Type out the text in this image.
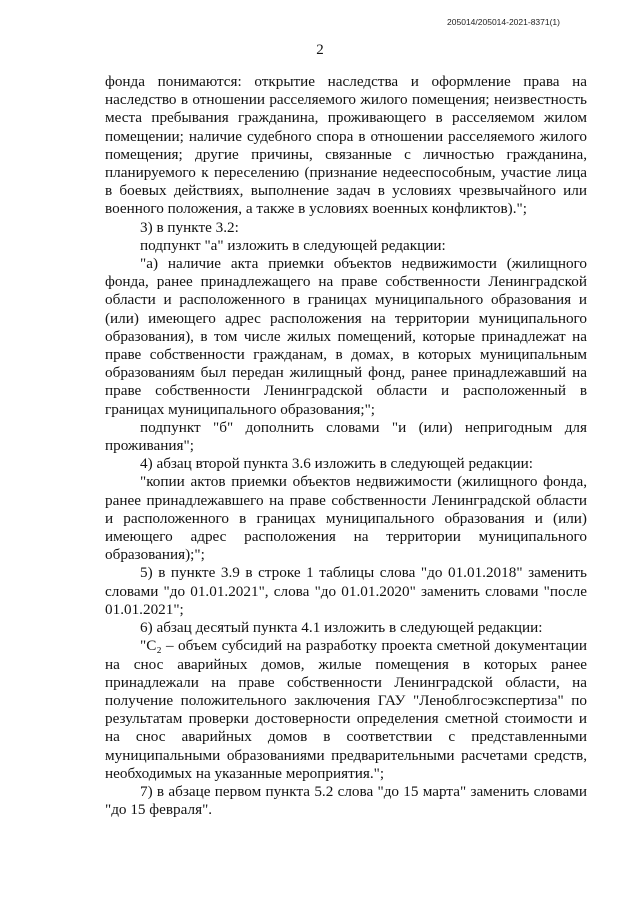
205014/205014-2021-8371(1)
2

фонда понимаются: открытие наследства и оформление права на наследство в отношении расселяемого жилого помещения; неизвестность места пребывания гражданина, проживающего в расселяемом жилом помещении; наличие судебного спора в отношении расселяемого жилого помещения; другие причины, связанные с личностью гражданина, планируемого к переселению (признание недееспособным, участие лица в боевых действиях, выполнение задач в условиях чрезвычайного или военного положения, а также в условиях военных конфликтов).";

3) в пункте 3.2:

подпункт "а" изложить в следующей редакции:

"а) наличие акта приемки объектов недвижимости (жилищного фонда, ранее принадлежащего на праве собственности Ленинградской области и расположенного в границах муниципального образования и (или) имеющего адрес расположения на территории муниципального образования), в том числе жилых помещений, которые принадлежат на праве собственности гражданам, в домах, в которых муниципальным образованиям был передан жилищный фонд, ранее принадлежавший на праве собственности Ленинградской области и расположенный в границах муниципального образования;";

подпункт "б" дополнить словами "и (или) непригодным для проживания";

4) абзац второй пункта 3.6 изложить в следующей редакции:

"копии актов приемки объектов недвижимости (жилищного фонда, ранее принадлежавшего на праве собственности Ленинградской области и расположенного в границах муниципального образования и (или) имеющего адрес расположения на территории муниципального образования);";

5) в пункте 3.9 в строке 1 таблицы слова "до 01.01.2018" заменить словами "до 01.01.2021", слова "до 01.01.2020" заменить словами "после 01.01.2021";

6) абзац десятый пункта 4.1 изложить в следующей редакции:

"C₂ – объем субсидий на разработку проекта сметной документации на снос аварийных домов, жилые помещения в которых ранее принадлежали на праве собственности Ленинградской области, на получение положительного заключения ГАУ "Леноблгосэкспертиза" по результатам проверки достоверности определения сметной стоимости и на снос аварийных домов в соответствии с представленными муниципальными образованиями предварительными расчетами средств, необходимых на указанные мероприятия.";

7) в абзаце первом пункта 5.2 слова "до 15 марта" заменить словами "до 15 февраля".
